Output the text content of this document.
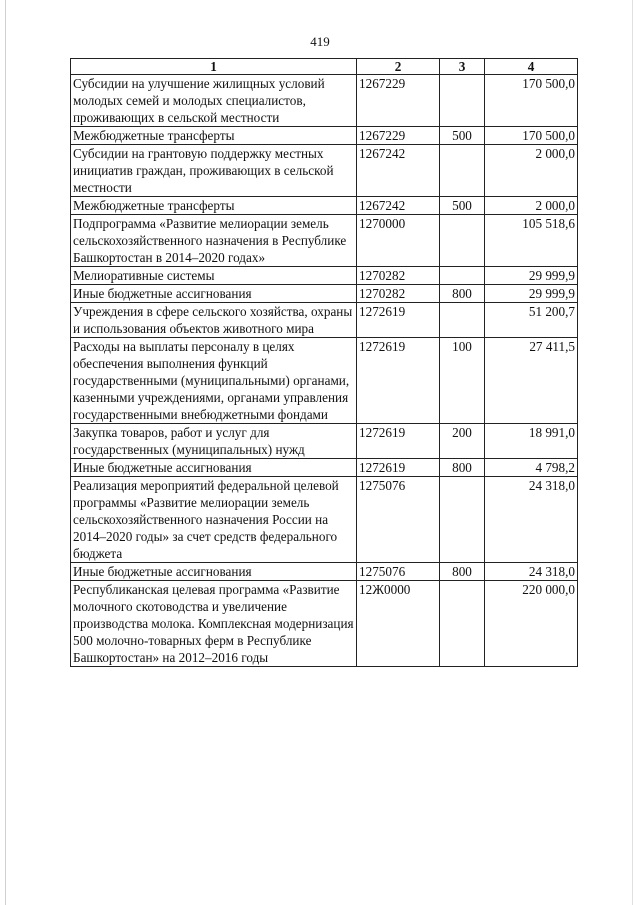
419
1	2	3	4
Субсидии на улучшение жилищных условий молодых семей и молодых специалистов, проживающих в сельской местности	1267229		170 500,0
Межбюджетные трансферты	1267229	500	170 500,0
Субсидии на грантовую поддержку местных инициатив граждан, проживающих в сельской местности	1267242		2 000,0
Межбюджетные трансферты	1267242	500	2 000,0
Подпрограмма «Развитие мелиорации земель сельскохозяйственного назначения в Республике Башкортостан в 2014–2020 годах»	1270000		105 518,6
Мелиоративные системы	1270282		29 999,9
Иные бюджетные ассигнования	1270282	800	29 999,9
Учреждения в сфере сельского хозяйства, охраны и использования объектов животного мира	1272619		51 200,7
Расходы на выплаты персоналу в целях обеспечения выполнения функций государственными (муниципальными) органами, казенными учреждениями, органами управления государственными внебюджетными фондами	1272619	100	27 411,5
Закупка товаров, работ и услуг для государственных (муниципальных) нужд	1272619	200	18 991,0
Иные бюджетные ассигнования	1272619	800	4 798,2
Реализация мероприятий федеральной целевой программы «Развитие мелиорации земель сельскохозяйственного назначения России на 2014–2020 годы» за счет средств федерального бюджета	1275076		24 318,0
Иные бюджетные ассигнования	1275076	800	24 318,0
Республиканская целевая программа «Развитие молочного скотоводства и увеличение производства молока. Комплексная модернизация 500 молочно-товарных ферм в Республике Башкортостан» на 2012–2016 годы	12Ж0000		220 000,0
